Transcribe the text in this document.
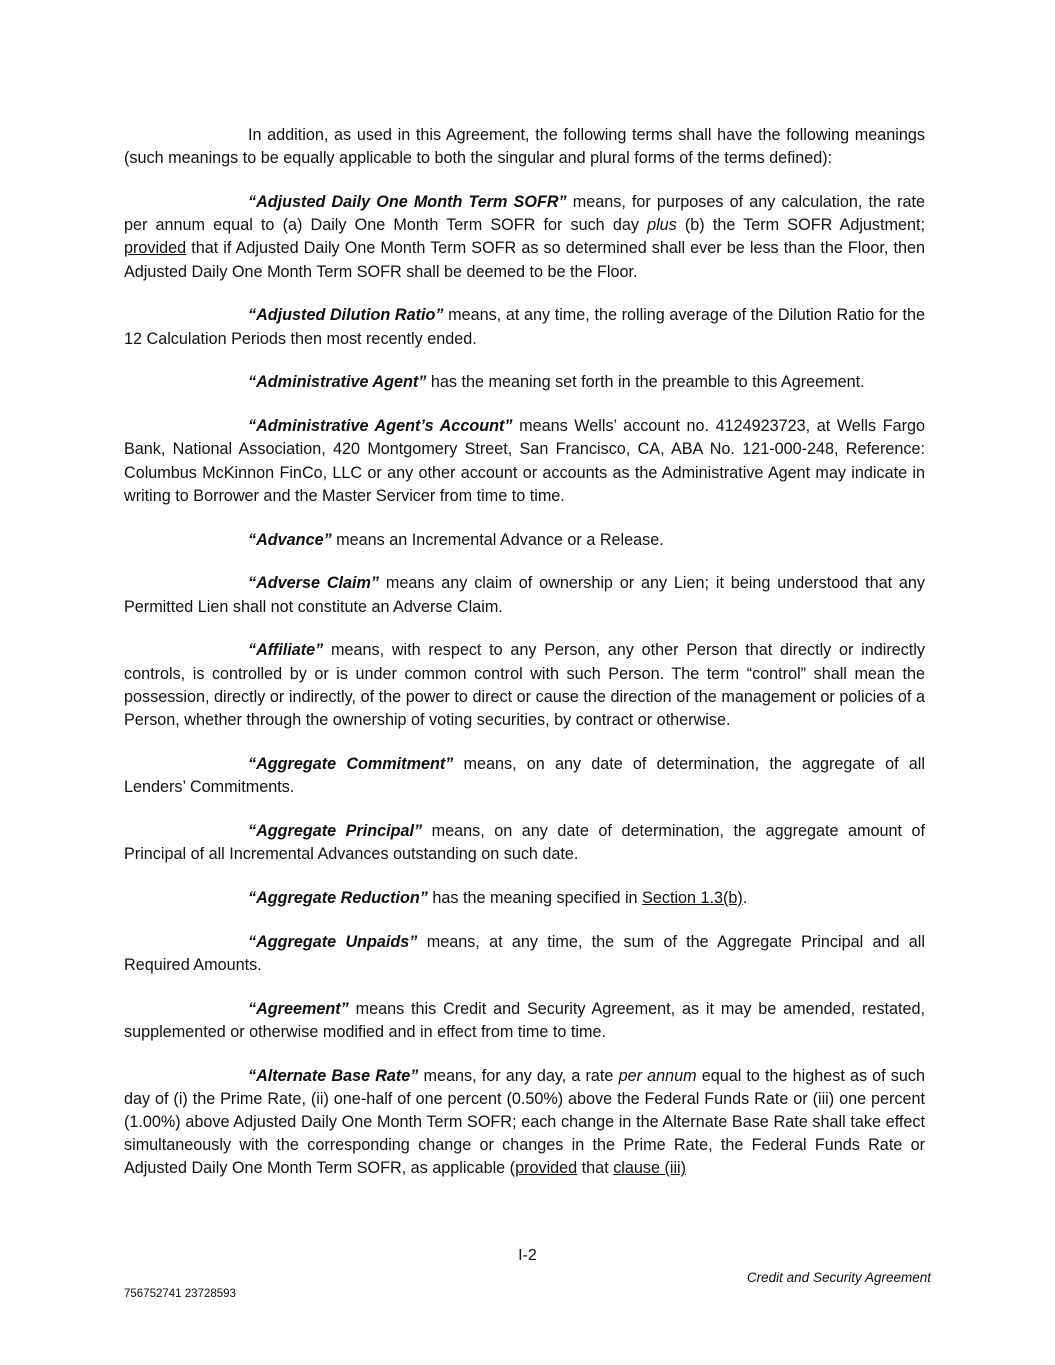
In addition, as used in this Agreement, the following terms shall have the following meanings (such meanings to be equally applicable to both the singular and plural forms of the terms defined):

“Adjusted Daily One Month Term SOFR” means, for purposes of any calculation, the rate per annum equal to (a) Daily One Month Term SOFR for such day plus (b) the Term SOFR Adjustment; provided that if Adjusted Daily One Month Term SOFR as so determined shall ever be less than the Floor, then Adjusted Daily One Month Term SOFR shall be deemed to be the Floor.

“Adjusted Dilution Ratio” means, at any time, the rolling average of the Dilution Ratio for the 12 Calculation Periods then most recently ended.

“Administrative Agent” has the meaning set forth in the preamble to this Agreement.

“Administrative Agent’s Account” means Wells’ account no. 4124923723, at Wells Fargo Bank, National Association, 420 Montgomery Street, San Francisco, CA, ABA No. 121-000-248, Reference: Columbus McKinnon FinCo, LLC or any other account or accounts as the Administrative Agent may indicate in writing to Borrower and the Master Servicer from time to time.

“Advance” means an Incremental Advance or a Release.

“Adverse Claim” means any claim of ownership or any Lien; it being understood that any Permitted Lien shall not constitute an Adverse Claim.

“Affiliate” means, with respect to any Person, any other Person that directly or indirectly controls, is controlled by or is under common control with such Person. The term “control” shall mean the possession, directly or indirectly, of the power to direct or cause the direction of the management or policies of a Person, whether through the ownership of voting securities, by contract or otherwise.

“Aggregate Commitment” means, on any date of determination, the aggregate of all Lenders’ Commitments.

“Aggregate Principal” means, on any date of determination, the aggregate amount of Principal of all Incremental Advances outstanding on such date.

“Aggregate Reduction” has the meaning specified in Section 1.3(b).

“Aggregate Unpaids” means, at any time, the sum of the Aggregate Principal and all Required Amounts.

“Agreement” means this Credit and Security Agreement, as it may be amended, restated, supplemented or otherwise modified and in effect from time to time.

“Alternate Base Rate” means, for any day, a rate per annum equal to the highest as of such day of (i) the Prime Rate, (ii) one-half of one percent (0.50%) above the Federal Funds Rate or (iii) one percent (1.00%) above Adjusted Daily One Month Term SOFR; each change in the Alternate Base Rate shall take effect simultaneously with the corresponding change or changes in the Prime Rate, the Federal Funds Rate or Adjusted Daily One Month Term SOFR, as applicable (provided that clause (iii)

I-2
Credit and Security Agreement
756752741 23728593
